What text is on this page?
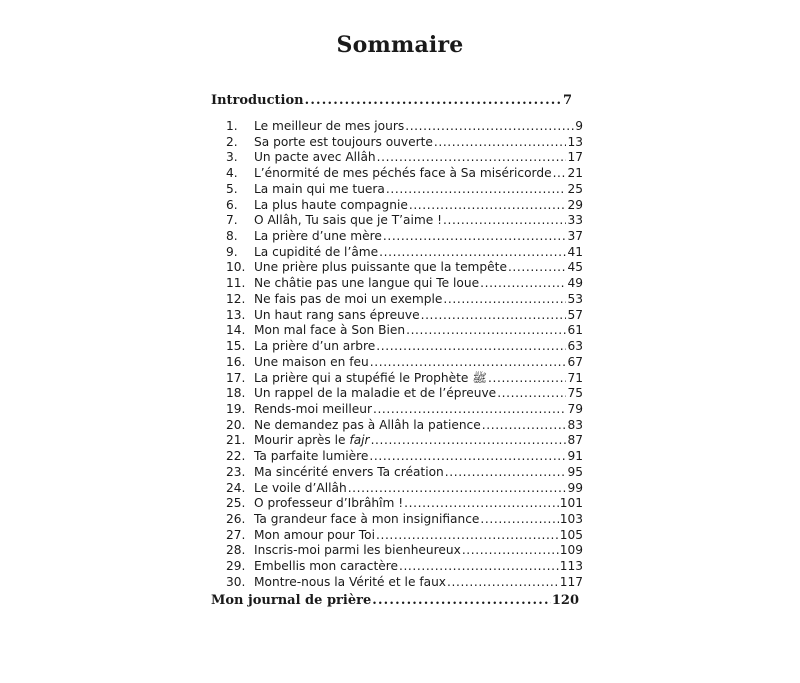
Sommaire
Introduction .....	7
1.	Le meilleur de mes jours .....	9
2.	Sa porte est toujours ouverte .....	13
3.	Un pacte avec Allâh .....	17
4.	L’énormité de mes péchés face à Sa miséricorde ..... 21
5.	La main qui me tuera .....	25
6.	La plus haute compagnie .....	29
7.	O Allâh, Tu sais que je T’aime ! .....	33
8.	La prière d’une mère .....	37
9.	La cupidité de l’âme .....	41
10. Une prière plus puissante que la tempête .....	45
11. Ne châtie pas une langue qui Te loue .....	49
12. Ne fais pas de moi un exemple .....	53
13. Un haut rang sans épreuve .....	57
14. Mon mal face à Son Bien .....	61
15. La prière d’un arbre .....	63
16. Une maison en feu .....	67
17. La prière qui a stupéfié le Prophète ﷺ .....	71
18. Un rappel de la maladie et de l’épreuve .....	75
19. Rends-moi meilleur .....	79
20. Ne demandez pas à Allâh la patience .....	83
21. Mourir après le fajr .....	87
22. Ta parfaite lumière .....	91
23. Ma sincérité envers Ta création .....	95
24. Le voile d’Allâh .....	99
25. O professeur d’Ibrâhîm ! .....	101
26. Ta grandeur face à mon insignifiance .....	103
27. Mon amour pour Toi .....	105
28. Inscris-moi parmi les bienheureux .....	109
29. Embellis mon caractère .....	113
30. Montre-nous la Vérité et le faux .....	117
Mon journal de prière .....	120
